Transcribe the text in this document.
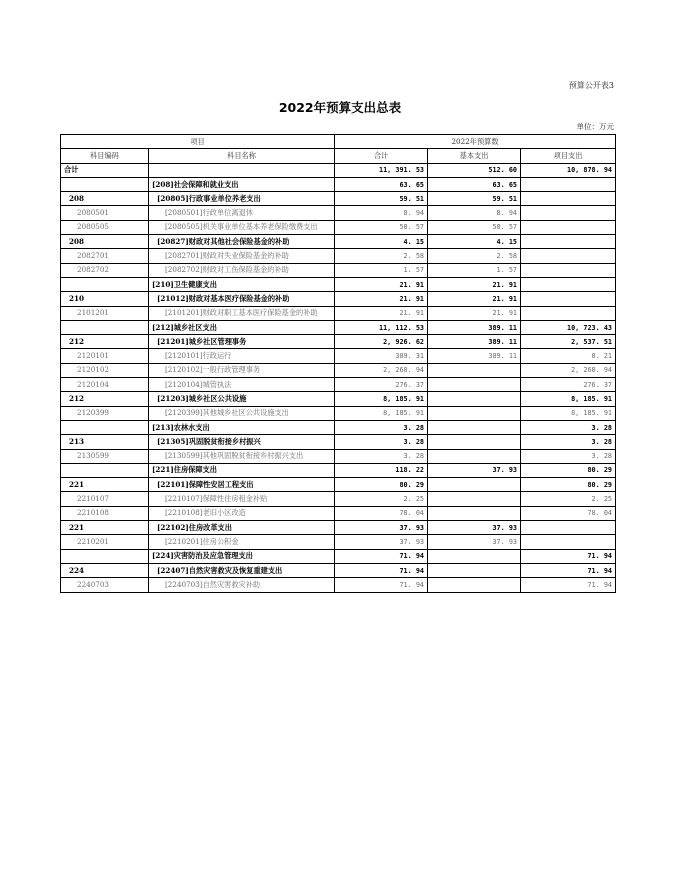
预算公开表3
2022年预算支出总表
单位：万元
项目		2022年预算数		
科目编码	科目名称	合计	基本支出	项目支出
合计		11, 391. 53	512. 60	10, 878. 94
	[208]社会保障和就业支出	63. 65	63. 65	
208	[20805]行政事业单位养老支出	59. 51	59. 51	
2080501	[2080501]行政单位离退休	8. 94	8. 94	
2080505	[2080505]机关事业单位基本养老保险缴费支出	50. 57	50. 57	
208	[20827]财政对其他社会保险基金的补助	4. 15	4. 15	
2082701	[2082701]财政对失业保险基金的补助	2. 58	2. 58	
2082702	[2082702]财政对工伤保险基金的补助	1. 57	1. 57	
	[210]卫生健康支出	21. 91	21. 91	
210	[21012]财政对基本医疗保险基金的补助	21. 91	21. 91	
2101201	[2101201]财政对职工基本医疗保险基金的补助	21. 91	21. 91	
	[212]城乡社区支出	11, 112. 53	389. 11	10, 723. 43
212	[21201]城乡社区管理事务	2, 926. 62	389. 11	2, 537. 51
2120101	[2120101]行政运行	389. 31	389. 11	0. 21
2120102	[2120102]一般行政管理事务	2, 260. 94		2, 260. 94
2120104	[2120104]城管执法	276. 37		276. 37
212	[21203]城乡社区公共设施	8, 185. 91		8, 185. 91
2120399	[2120399]其他城乡社区公共设施支出	8, 185. 91		8, 185. 91
	[213]农林水支出	3. 28		3. 28
213	[21305]巩固脱贫衔接乡村振兴	3. 28		3. 28
2130599	[2130599]其他巩固脱贫衔接乡村振兴支出	3. 28		3. 28
	[221]住房保障支出	118. 22	37. 93	80. 29
221	[22101]保障性安居工程支出	80. 29		80. 29
2210107	[2210107]保障性住房租金补贴	2. 25		2. 25
2210108	[2210108]老旧小区改造	78. 04		78. 04
221	[22102]住房改革支出	37. 93	37. 93	
2210201	[2210201]住房公积金	37. 93	37. 93	
	[224]灾害防治及应急管理支出	71. 94		71. 94
224	[22407]自然灾害救灾及恢复重建支出	71. 94		71. 94
2240703	[2240703]自然灾害救灾补助	71. 94		71. 94
